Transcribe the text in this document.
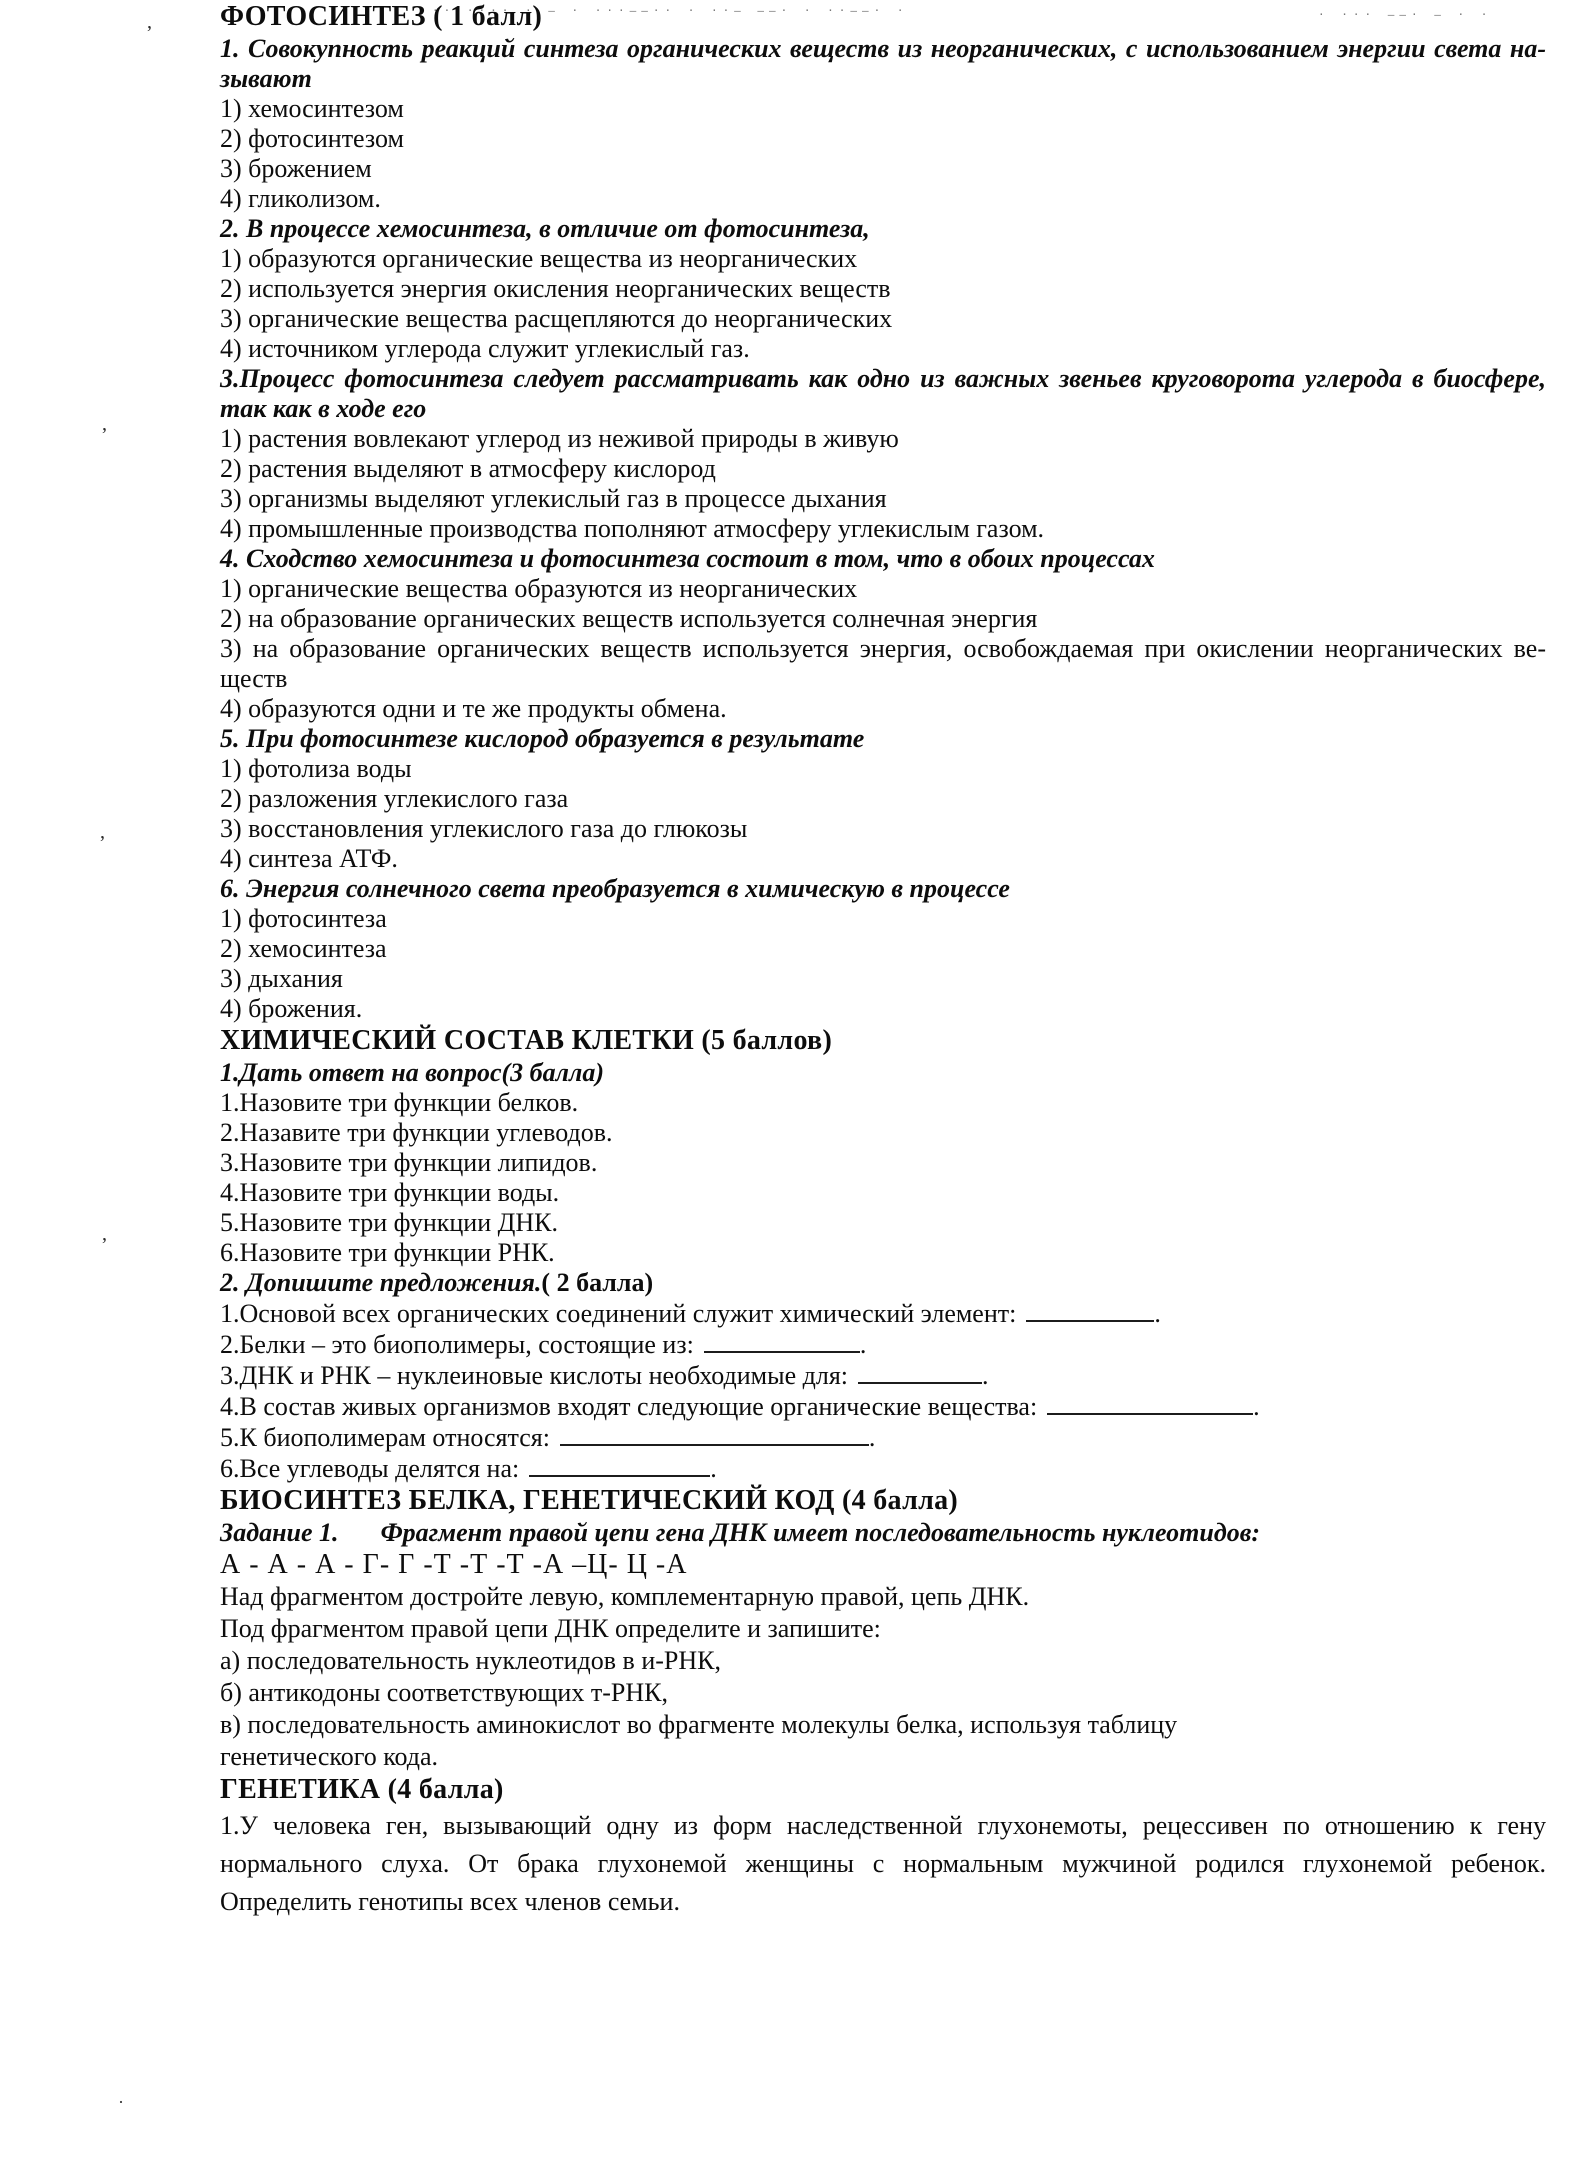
·· ···· · – · ···––·· · ··– ––· · ··––· ·	· ··· ––· – · ·
’
’
’
’
·
ФОТОСИНТЕЗ ( 1 балл)

1. Совокупность реакций синтеза органических веществ из неорганических, с использованием энергии света на-

зывают

1) хемосинтезом

2) фотосинтезом

3) брожением

4) гликолизом.

2. В процессе хемосинтеза, в отличие от фотосинтеза,

1) образуются органические вещества из неорганических

2) используется энергия окисления неорганических веществ

3) органические вещества расщепляются до неорганических

4) источником углерода служит углекислый газ.

3.Процесс фотосинтеза следует рассматривать как одно из важных звеньев круговорота углерода в биосфере,

так как в ходе его

1) растения вовлекают углерод из неживой природы в живую

2) растения выделяют в атмосферу кислород

3) организмы выделяют углекислый газ в процессе дыхания

4) промышленные производства пополняют атмосферу углекислым газом.

4. Сходство хемосинтеза и фотосинтеза состоит в том, что в обоих процессах

1) органические вещества образуются из неорганических

2) на образование органических веществ используется солнечная энергия

3) на образование органических веществ используется энергия, освобождаемая при окислении неорганических ве-

ществ

4) образуются одни и те же продукты обмена.

5. При фотосинтезе кислород образуется в результате

1) фотолиза воды

2) разложения углекислого газа

3) восстановления углекислого газа до глюкозы

4) синтеза АТФ.

6. Энергия солнечного света преобразуется в химическую в процессе

1) фотосинтеза

2) хемосинтеза

3) дыхания

4) брожения.

ХИМИЧЕСКИЙ СОСТАВ КЛЕТКИ (5 баллов)

1.Дать ответ на вопрос(3 балла)

1.Назовите три функции белков.

2.Назавите три функции углеводов.

3.Назовите три функции липидов.

4.Назовите три функции воды.

5.Назовите три функции ДНК.

6.Назовите три функции РНК.

2. Допишите предложения.( 2 балла)

1.Основой всех органических соединений служит химический элемент:	.

2.Белки – это биополимеры, состоящие из:	.

3.ДНК и РНК – нуклеиновые кислоты необходимые для:	.

4.В состав живых организмов входят следующие органические вещества:	.

5.К биополимерам относятся:	.

6.Все углеводы делятся на:	.

БИОСИНТЕЗ БЕЛКА, ГЕНЕТИЧЕСКИЙ КОД (4 балла)

Задание 1. Фрагмент правой цепи гена ДНК имеет последовательность нуклеотидов:

А - А - А - Г- Г -Т -Т -Т -А –Ц- Ц -А

Над фрагментом достройте левую, комплементарную правой, цепь ДНК.

Под фрагментом правой цепи ДНК определите и запишите:

а) последовательность нуклеотидов в и-РНК,

б) антикодоны соответствующих т-РНК,

в) последовательность аминокислот во фрагменте молекулы белка, используя таблицу

генетического кода.

ГЕНЕТИКА (4 балла)

1.У человека ген, вызывающий одну из форм наследственной глухонемоты, рецессивен по отношению к гену

нормального слуха. От брака глухонемой женщины с нормальным мужчиной родился глухонемой ребенок.

Определить генотипы всех членов семьи.
